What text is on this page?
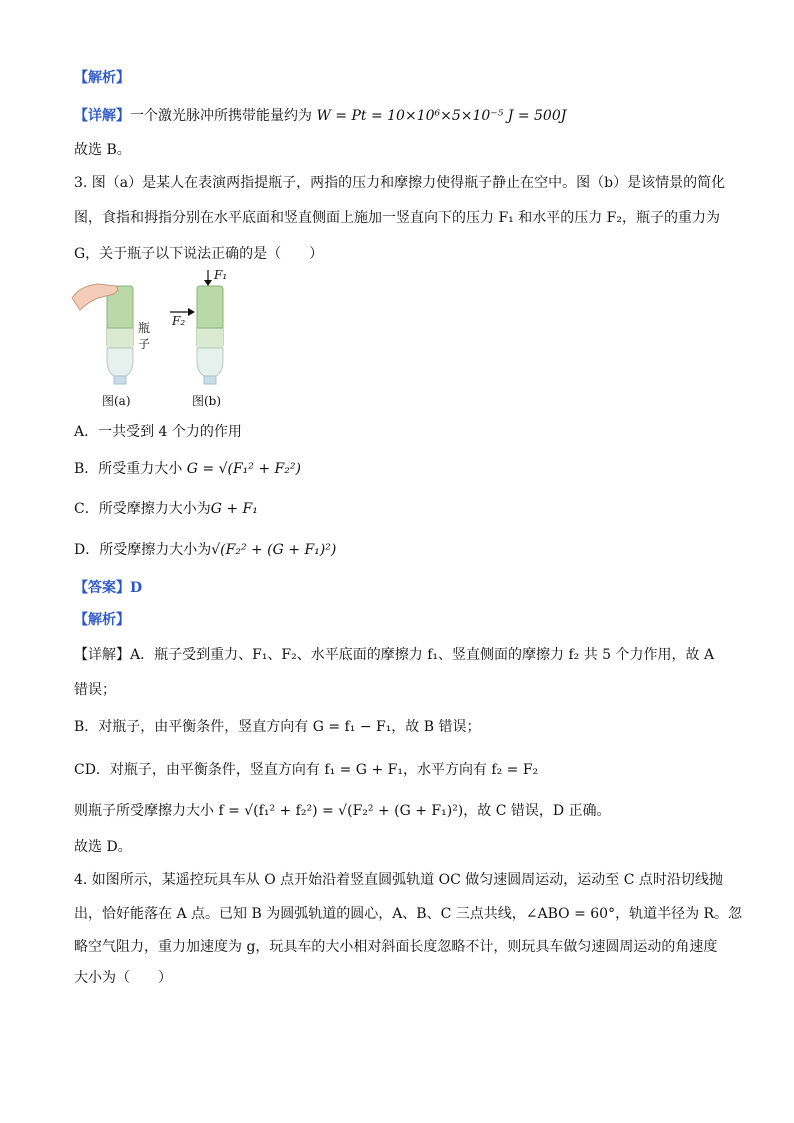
【解析】
【详解】一个激光脉冲所携带能量约为 W = Pt = 10×10⁶×5×10⁻⁵ J = 500J
故选 B。
3. 图（a）是某人在表演两指提瓶子，两指的压力和摩擦力使得瓶子静止在空中。图（b）是该情景的简化
图，食指和拇指分别在水平底面和竖直侧面上施加一竖直向下的压力 F₁ 和水平的压力 F₂，瓶子的重力为
G，关于瓶子以下说法正确的是（　　）
瓶子
F₁
F₂
图(a)	图(b)
A．一共受到 4 个力的作用
B．所受重力大小 G = √(F₁² + F₂²)
C．所受摩擦力大小为G + F₁
D．所受摩擦力大小为√(F₂² + (G + F₁)²)
【答案】D
【解析】
【详解】A．瓶子受到重力、F₁、F₂、水平底面的摩擦力 f₁、竖直侧面的摩擦力 f₂ 共 5 个力作用，故 A
错误；
B．对瓶子，由平衡条件，竖直方向有 G = f₁ − F₁，故 B 错误；
CD．对瓶子，由平衡条件，竖直方向有 f₁ = G + F₁，水平方向有 f₂ = F₂
则瓶子所受摩擦力大小 f = √(f₁² + f₂²) = √(F₂² + (G + F₁)²)，故 C 错误，D 正确。
故选 D。
4. 如图所示，某遥控玩具车从 O 点开始沿着竖直圆弧轨道 OC 做匀速圆周运动，运动至 C 点时沿切线抛
出，恰好能落在 A 点。已知 B 为圆弧轨道的圆心，A、B、C 三点共线，∠ABO = 60°，轨道半径为 R。忽
略空气阻力，重力加速度为 g，玩具车的大小相对斜面长度忽略不计，则玩具车做匀速圆周运动的角速度
大小为（　　）
